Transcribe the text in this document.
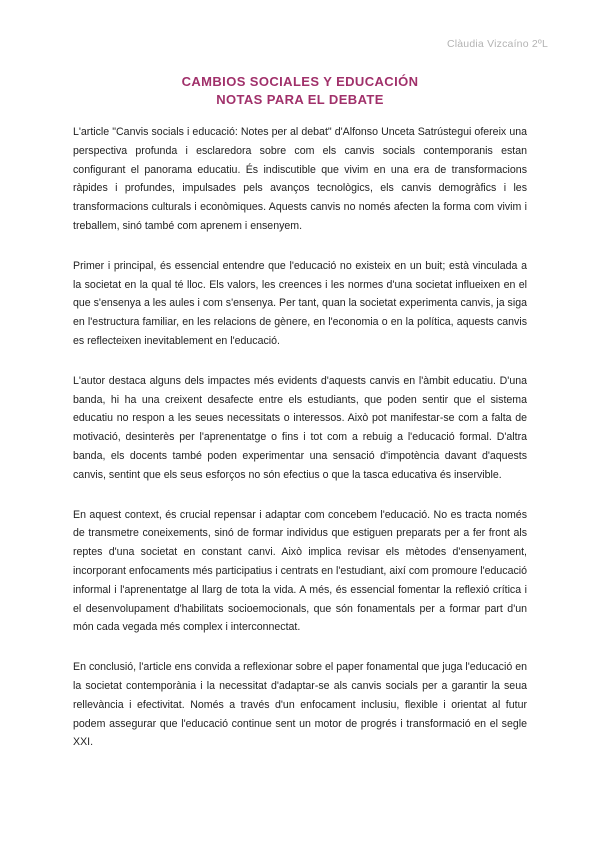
Clàudia Vizcaíno 2ºL
CAMBIOS SOCIALES Y EDUCACIÓN
NOTAS PARA EL DEBATE

L'article "Canvis socials i educació: Notes per al debat" d'Alfonso Unceta Satrústegui ofereix una perspectiva profunda i esclaredora sobre com els canvis socials contemporanis estan configurant el panorama educatiu. És indiscutible que vivim en una era de transformacions ràpides i profundes, impulsades pels avanços tecnològics, els canvis demogràfics i les transformacions culturals i econòmiques. Aquests canvis no només afecten la forma com vivim i treballem, sinó també com aprenem i ensenyem.

Primer i principal, és essencial entendre que l'educació no existeix en un buit; està vinculada a la societat en la qual té lloc. Els valors, les creences i les normes d'una societat influeixen en el que s'ensenya a les aules i com s'ensenya. Per tant, quan la societat experimenta canvis, ja siga en l'estructura familiar, en les relacions de gènere, en l'economia o en la política, aquests canvis es reflecteixen inevitablement en l'educació.

L'autor destaca alguns dels impactes més evidents d'aquests canvis en l'àmbit educatiu. D'una banda, hi ha una creixent desafecte entre els estudiants, que poden sentir que el sistema educatiu no respon a les seues necessitats o interessos. Això pot manifestar-se com a falta de motivació, desinterès per l'aprenentatge o fins i tot com a rebuig a l'educació formal. D'altra banda, els docents també poden experimentar una sensació d'impotència davant d'aquests canvis, sentint que els seus esforços no són efectius o que la tasca educativa és inservible.

En aquest context, és crucial repensar i adaptar com concebem l'educació. No es tracta només de transmetre coneixements, sinó de formar individus que estiguen preparats per a fer front als reptes d'una societat en constant canvi. Això implica revisar els mètodes d'ensenyament, incorporant enfocaments més participatius i centrats en l'estudiant, així com promoure l'educació informal i l'aprenentatge al llarg de tota la vida. A més, és essencial fomentar la reflexió crítica i el desenvolupament d'habilitats socioemocionals, que són fonamentals per a formar part d'un món cada vegada més complex i interconnectat.

En conclusió, l'article ens convida a reflexionar sobre el paper fonamental que juga l'educació en la societat contemporània i la necessitat d'adaptar-se als canvis socials per a garantir la seua rellevància i efectivitat. Només a través d'un enfocament inclusiu, flexible i orientat al futur podem assegurar que l'educació continue sent un motor de progrés i transformació en el segle XXI.
